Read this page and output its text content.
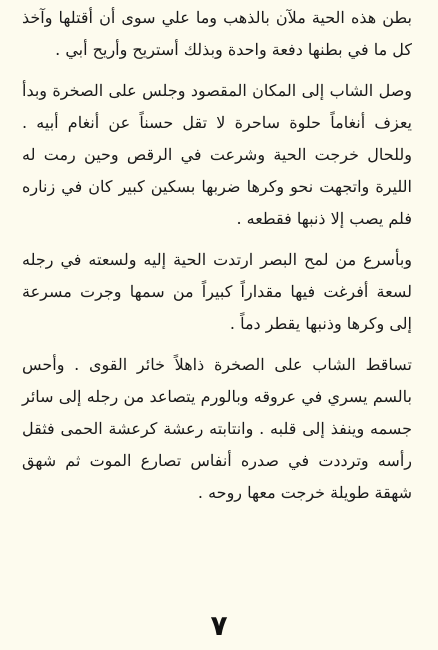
بطن هذه الحية ملآن بالذهب وما علي سوى أن أقتلها وآخذ كل ما في بطنها دفعة واحدة وبذلك أستريح وأريح أبي .

وصل الشاب إلى المكان المقصود وجلس على الصخرة وبدأ يعزف أنغاماً حلوة ساحرة لا تقل حسناً عن أنغام أبيه . وللحال خرجت الحية وشرعت في الرقص وحين رمت له الليرة واتجهت نحو وكرها ضربها بسكين كبير كان في زناره فلم يصب إلا ذنبها فقطعه .

وبأسرع من لمح البصر ارتدت الحية إليه ولسعته في رجله لسعة أفرغت فيها مقداراً كبيراً من سمها وجرت مسرعة إلى وكرها وذنبها يقطر دماً .

تساقط الشاب على الصخرة ذاهلاً خائر القوى . وأحس بالسم يسري في عروقه وبالورم يتصاعد من رجله إلى سائر جسمه وينفذ إلى قلبه . وانتابته رعشة كرعشة الحمى فثقل رأسه وترددت في صدره أنفاس تصارع الموت ثم شهق شهقة طويلة خرجت معها روحه .

٧
